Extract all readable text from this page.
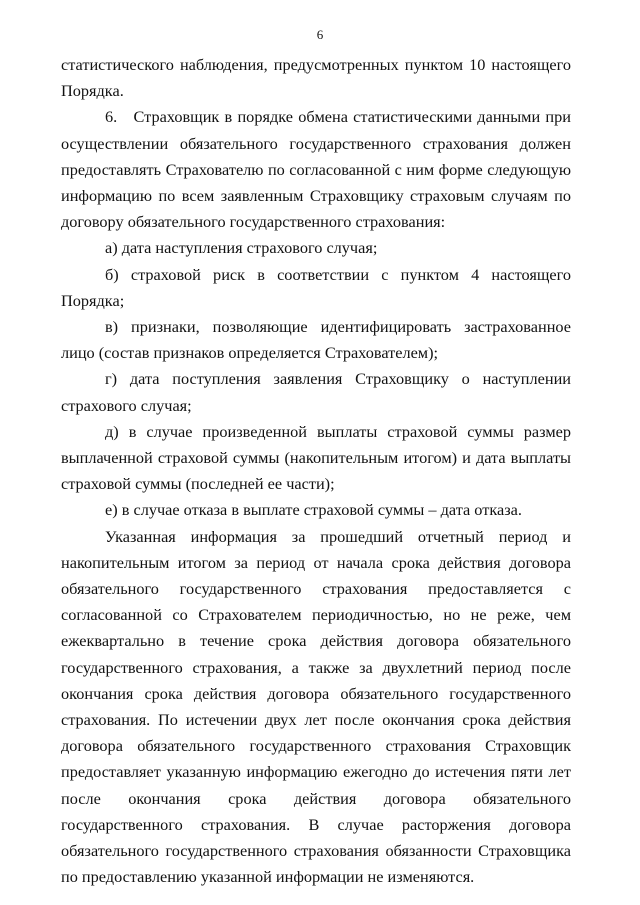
6

статистического наблюдения, предусмотренных пунктом 10 настоящего Порядка.

6. Страховщик в порядке обмена статистическими данными при осуществлении обязательного государственного страхования должен предоставлять Страхователю по согласованной с ним форме следующую информацию по всем заявленным Страховщику страховым случаям по договору обязательного государственного страхования:

а) дата наступления страхового случая;

б) страховой риск в соответствии с пунктом 4 настоящего Порядка;

в) признаки, позволяющие идентифицировать застрахованное лицо (состав признаков определяется Страхователем);

г) дата поступления заявления Страховщику о наступлении страхового случая;

д) в случае произведенной выплаты страховой суммы размер выплаченной страховой суммы (накопительным итогом) и дата выплаты страховой суммы (последней ее части);

е) в случае отказа в выплате страховой суммы – дата отказа.

Указанная информация за прошедший отчетный период и накопительным итогом за период от начала срока действия договора обязательного государственного страхования предоставляется с согласованной со Страхователем периодичностью, но не реже, чем ежеквартально в течение срока действия договора обязательного государственного страхования, а также за двухлетний период после окончания срока действия договора обязательного государственного страхования. По истечении двух лет после окончания срока действия договора обязательного государственного страхования Страховщик предоставляет указанную информацию ежегодно до истечения пяти лет после окончания срока действия договора обязательного государственного страхования. В случае расторжения договора обязательного государственного страхования обязанности Страховщика по предоставлению указанной информации не изменяются.
